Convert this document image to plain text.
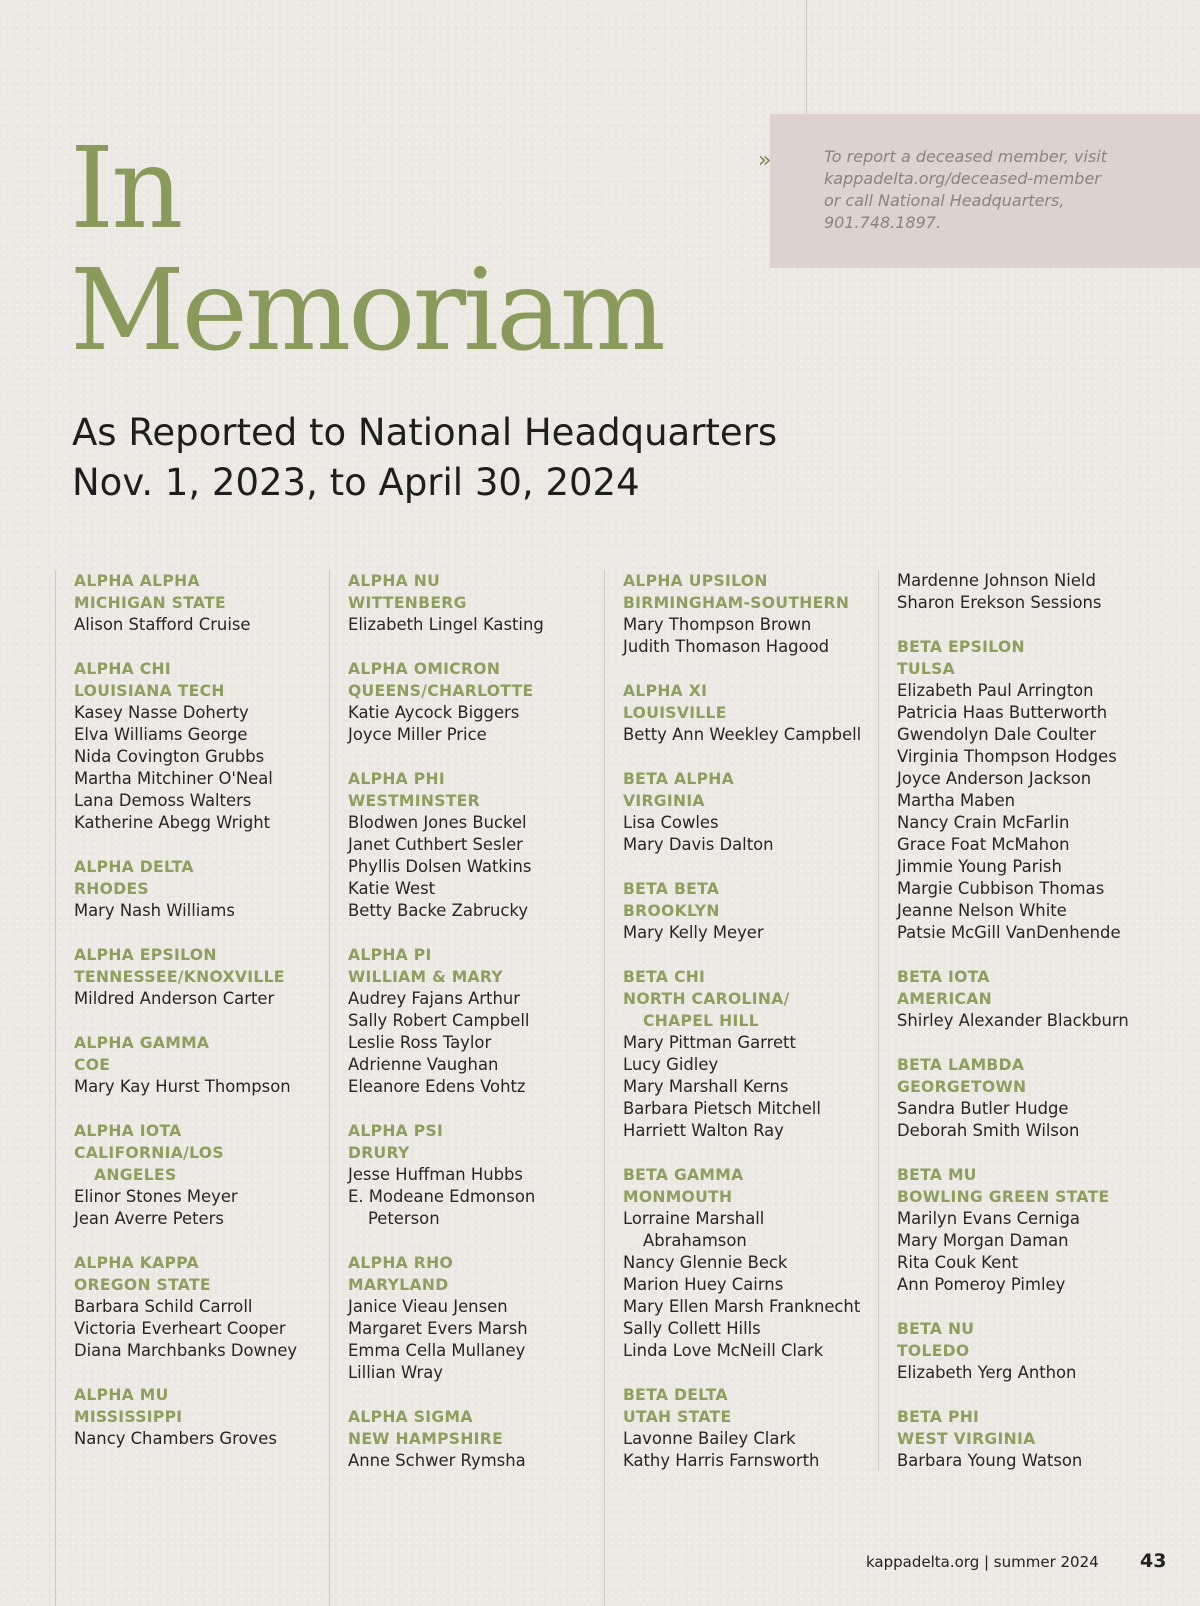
»	To report a deceased member, visit
kappadelta.org/deceased-member
or call National Headquarters,
901.748.1897.
In
Memoriam
As Reported to National Headquarters
Nov. 1, 2023, to April 30, 2024
ALPHA ALPHA
MICHIGAN STATE
Alison Stafford Cruise
ALPHA CHI
LOUISIANA TECH
Kasey Nasse Doherty
Elva Williams George
Nida Covington Grubbs
Martha Mitchiner O'Neal
Lana Demoss Walters
Katherine Abegg Wright
ALPHA DELTA
RHODES
Mary Nash Williams
ALPHA EPSILON
TENNESSEE/KNOXVILLE
Mildred Anderson Carter
ALPHA GAMMA
COE
Mary Kay Hurst Thompson
ALPHA IOTA
CALIFORNIA/LOS
ANGELES
Elinor Stones Meyer
Jean Averre Peters
ALPHA KAPPA
OREGON STATE
Barbara Schild Carroll
Victoria Everheart Cooper
Diana Marchbanks Downey
ALPHA MU
MISSISSIPPI
Nancy Chambers Groves
ALPHA NU
WITTENBERG
Elizabeth Lingel Kasting
ALPHA OMICRON
QUEENS/CHARLOTTE
Katie Aycock Biggers
Joyce Miller Price
ALPHA PHI
WESTMINSTER
Blodwen Jones Buckel
Janet Cuthbert Sesler
Phyllis Dolsen Watkins
Katie West
Betty Backe Zabrucky
ALPHA PI
WILLIAM & MARY
Audrey Fajans Arthur
Sally Robert Campbell
Leslie Ross Taylor
Adrienne Vaughan
Eleanore Edens Vohtz
ALPHA PSI
DRURY
Jesse Huffman Hubbs
E. Modeane Edmonson
Peterson
ALPHA RHO
MARYLAND
Janice Vieau Jensen
Margaret Evers Marsh
Emma Cella Mullaney
Lillian Wray
ALPHA SIGMA
NEW HAMPSHIRE
Anne Schwer Rymsha
ALPHA UPSILON
BIRMINGHAM-SOUTHERN
Mary Thompson Brown
Judith Thomason Hagood
ALPHA XI
LOUISVILLE
Betty Ann Weekley Campbell
BETA ALPHA
VIRGINIA
Lisa Cowles
Mary Davis Dalton
BETA BETA
BROOKLYN
Mary Kelly Meyer
BETA CHI
NORTH CAROLINA/
CHAPEL HILL
Mary Pittman Garrett
Lucy Gidley
Mary Marshall Kerns
Barbara Pietsch Mitchell
Harriett Walton Ray
BETA GAMMA
MONMOUTH
Lorraine Marshall
Abrahamson
Nancy Glennie Beck
Marion Huey Cairns
Mary Ellen Marsh Franknecht
Sally Collett Hills
Linda Love McNeill Clark
BETA DELTA
UTAH STATE
Lavonne Bailey Clark
Kathy Harris Farnsworth
Mardenne Johnson Nield
Sharon Erekson Sessions
BETA EPSILON
TULSA
Elizabeth Paul Arrington
Patricia Haas Butterworth
Gwendolyn Dale Coulter
Virginia Thompson Hodges
Joyce Anderson Jackson
Martha Maben
Nancy Crain McFarlin
Grace Foat McMahon
Jimmie Young Parish
Margie Cubbison Thomas
Jeanne Nelson White
Patsie McGill VanDenhende
BETA IOTA
AMERICAN
Shirley Alexander Blackburn
BETA LAMBDA
GEORGETOWN
Sandra Butler Hudge
Deborah Smith Wilson
BETA MU
BOWLING GREEN STATE
Marilyn Evans Cerniga
Mary Morgan Daman
Rita Couk Kent
Ann Pomeroy Pimley
BETA NU
TOLEDO
Elizabeth Yerg Anthon
BETA PHI
WEST VIRGINIA
Barbara Young Watson
kappadelta.org | summer 2024 43
